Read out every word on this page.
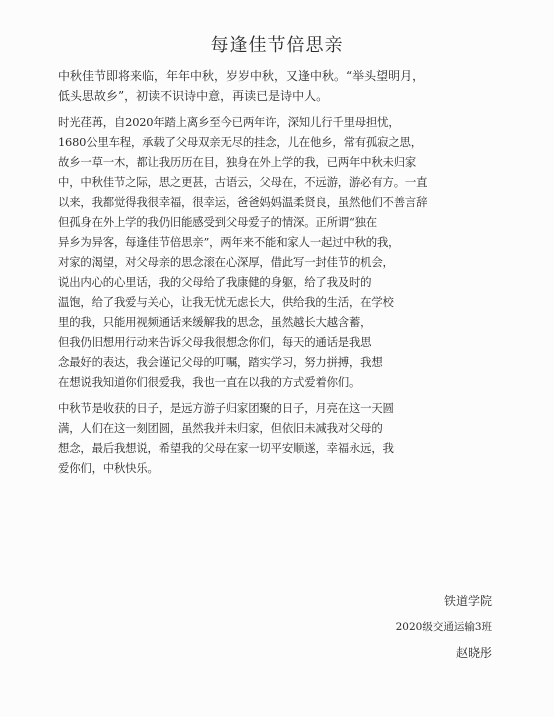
每逢佳节倍思亲
中秋佳节即将来临，年年中秋，岁岁中秋，又逢中秋。“举头望明月，
低头思故乡”，初读不识诗中意，再读已是诗中人。
时光荏苒，自2020年踏上离乡至今已两年许，深知儿行千里母担忧，
1680公里车程，承载了父母双亲无尽的挂念，儿在他乡，常有孤寂之思，
故乡一草一木，都让我历历在目，独身在外上学的我，已两年中秋未归家
中，中秋佳节之际，思之更甚，古语云，父母在，不远游，游必有方。一直
以来，我都觉得我很幸福，很幸运，爸爸妈妈温柔贤良，虽然他们不善言辞
但孤身在外上学的我仍旧能感受到父母爱子的情深。正所谓“独在
异乡为异客，每逢佳节倍思亲”，两年来不能和家人一起过中秋的我，
对家的渴望，对父母亲的思念滚在心深厚，借此写一封佳节的机会，
说出内心的心里话，我的父母给了我康健的身躯，给了我及时的
温饱，给了我爱与关心，让我无忧无虑长大，供给我的生活，在学校
里的我，只能用视频通话来缓解我的思念，虽然越长大越含蓄，
但我仍旧想用行动来告诉父母我很想念你们，每天的通话是我思
念最好的表达，我会谨记父母的叮嘱，踏实学习，努力拼搏，我想
在想说我知道你们很爱我，我也一直在以我的方式爱着你们。
中秋节是收获的日子，是远方游子归家团聚的日子，月亮在这一天圆
满，人们在这一刻团圆，虽然我并未归家，但依旧未减我对父母的
想念，最后我想说，希望我的父母在家一切平安顺遂，幸福永远，我
爱你们，中秋快乐。
铁道学院
2020级交通运输3班
赵晓彤
